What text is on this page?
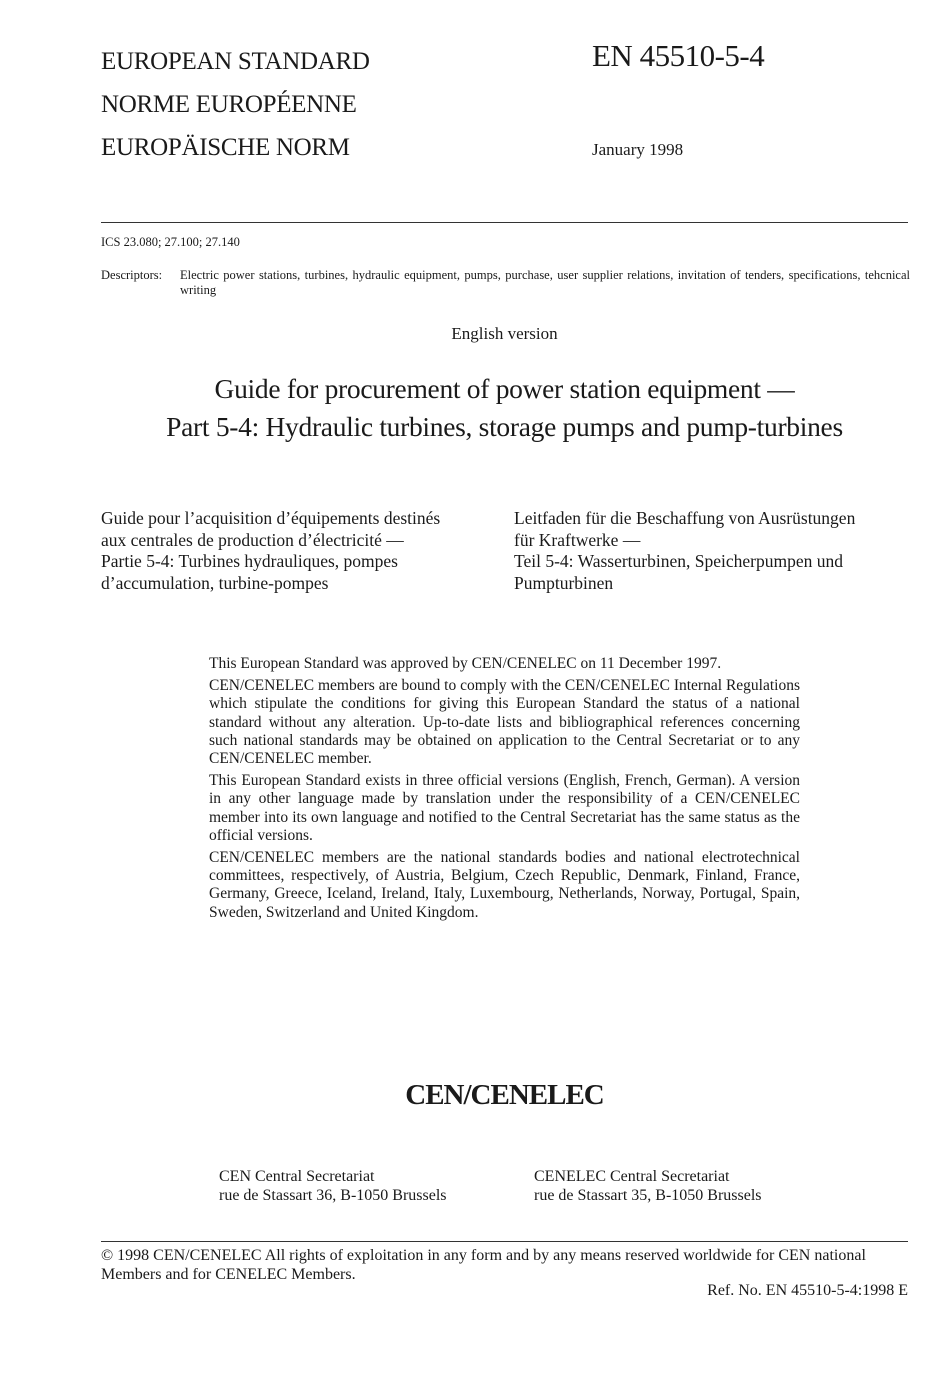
EUROPEAN STANDARD
NORME EUROPÉENNE
EUROPÄISCHE NORM
EN 45510-5-4
January 1998
ICS 23.080; 27.100; 27.140
Descriptors: Electric power stations, turbines, hydraulic equipment, pumps, purchase, user supplier relations, invitation of tenders, specifications, tehcnical writing
English version
Guide for procurement of power station equipment —
Part 5-4: Hydraulic turbines, storage pumps and pump-turbines
Guide pour l’acquisition d’équipements destinés
aux centrales de production d’électricité —
Partie 5-4: Turbines hydrauliques, pompes
d’accumulation, turbine-pompes
Leitfaden für die Beschaffung von Ausrüstungen
für Kraftwerke —
Teil 5-4: Wasserturbinen, Speicherpumpen und
Pumpturbinen

This European Standard was approved by CEN/CENELEC on 11 December 1997.

CEN/CENELEC members are bound to comply with the CEN/CENELEC Internal Regulations which stipulate the conditions for giving this European Standard the status of a national standard without any alteration. Up-to-date lists and bibliographical references concerning such national standards may be obtained on application to the Central Secretariat or to any CEN/CENELEC member.

This European Standard exists in three official versions (English, French, German). A version in any other language made by translation under the responsibility of a CEN/CENELEC member into its own language and notified to the Central Secretariat has the same status as the official versions.

CEN/CENELEC members are the national standards bodies and national electrotechnical committees, respectively, of Austria, Belgium, Czech Republic, Denmark, Finland, France, Germany, Greece, Iceland, Ireland, Italy, Luxembourg, Netherlands, Norway, Portugal, Spain, Sweden, Switzerland and United Kingdom.

CEN/CENELEC
CEN Central Secretariat
rue de Stassart 36, B-1050 Brussels
CENELEC Central Secretariat
rue de Stassart 35, B-1050 Brussels
© 1998 CEN/CENELEC All rights of exploitation in any form and by any means reserved worldwide for CEN national Members and for CENELEC Members.
Ref. No. EN 45510-5-4:1998 E
